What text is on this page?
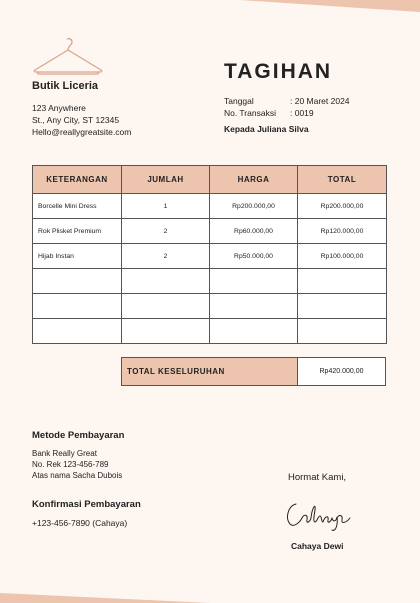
Butik Liceria
123 Anywhere
St., Any City, ST 12345
Hello@reallygreatsite.com
TAGIHAN
Tanggal	: 20 Maret 2024
No. Transaksi	: 0019
Kepada Juliana Silva
KETERANGAN	JUMLAH	HARGA	TOTAL
Borcelle Mini Dress	1	Rp200.000,00	Rp200.000,00
Rok Plisket Premium	2	Rp60.000,00	Rp120.000,00
Hijab Instan	2	Rp50.000,00	Rp100.000,00

TOTAL KESELURUHAN	Rp420.000,00
Metode Pembayaran
Bank Really Great
No. Rek 123-456-789
Atas nama Sacha Dubois
Konfirmasi Pembayaran
+123-456-7890 (Cahaya)
Hormat Kami,
Cahaya Dewi
